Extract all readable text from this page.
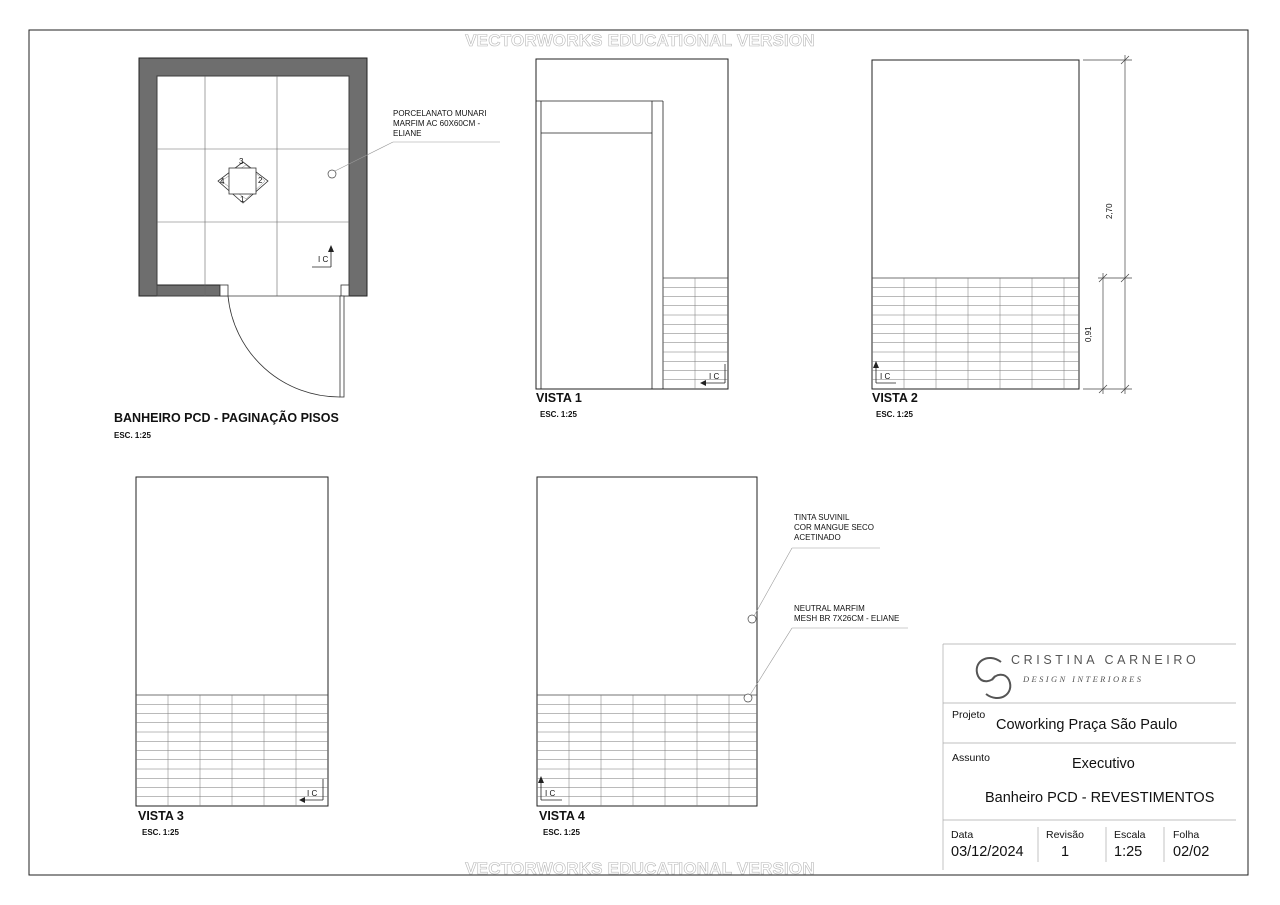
VECTORWORKS EDUCATIONAL VERSION
VECTORWORKS EDUCATIONAL VERSION
3
2
1
4
I C
PORCELANATO MUNARI
MARFIM AC 60X60CM -
ELIANE
BANHEIRO PCD - PAGINAÇÃO PISOS
ESC. 1:25
I C
VISTA 1
ESC. 1:25
I C
VISTA 2
ESC. 1:25
2,70
0,91
I C
VISTA 3
ESC. 1:25
I C
VISTA 4
ESC. 1:25
TINTA SUVINIL
COR MANGUE SECO
ACETINADO
NEUTRAL MARFIM
MESH BR 7X26CM - ELIANE
CRISTINA CARNEIRO
DESIGN INTERIORES
Projeto
Coworking Praça São Paulo
Assunto	Executivo
Banheiro PCD - REVESTIMENTOS
Data
03/12/2024
Revisão
1
Escala
1:25
Folha
02/02
